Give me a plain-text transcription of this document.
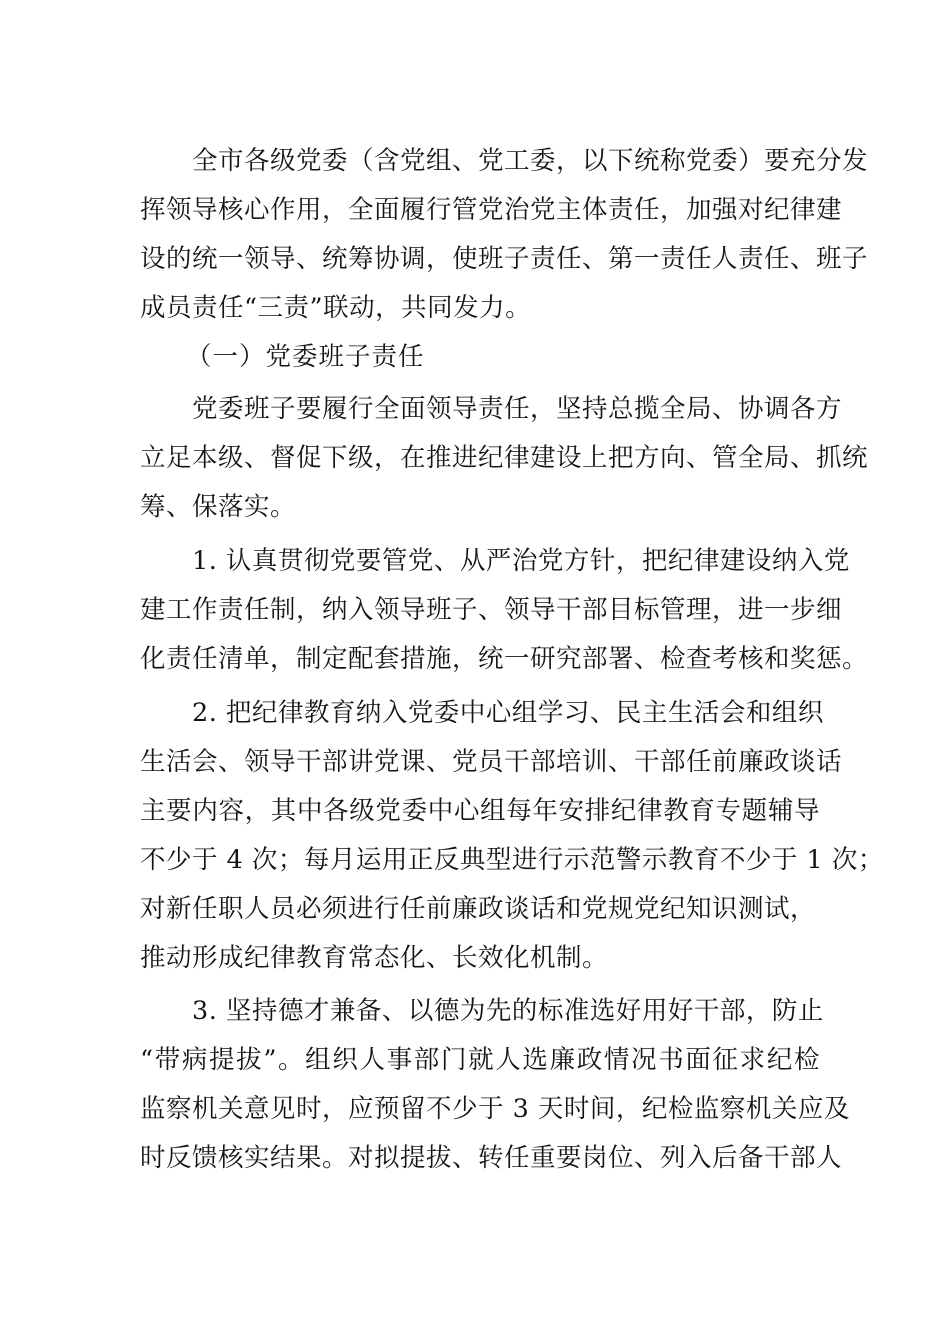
全市各级党委（含党组、党工委，以下统称党委）要充分发
挥领导核心作用，全面履行管党治党主体责任，加强对纪律建
设的统一领导、统筹协调，使班子责任、第一责任人责任、班子
成员责任“三责”联动，共同发力。
（一）党委班子责任
党委班子要履行全面领导责任，坚持总揽全局、协调各方
立足本级、督促下级，在推进纪律建设上把方向、管全局、抓统
筹、保落实。
1. 认真贯彻党要管党、从严治党方针，把纪律建设纳入党
建工作责任制，纳入领导班子、领导干部目标管理，进一步细
化责任清单，制定配套措施，统一研究部署、检查考核和奖惩。
2. 把纪律教育纳入党委中心组学习、民主生活会和组织
生活会、领导干部讲党课、党员干部培训、干部任前廉政谈话
主要内容，其中各级党委中心组每年安排纪律教育专题辅导
不少于 4 次；每月运用正反典型进行示范警示教育不少于 1 次；
对新任职人员必须进行任前廉政谈话和党规党纪知识测试，
推动形成纪律教育常态化、长效化机制。
3. 坚持德才兼备、以德为先的标准选好用好干部，防止
“带病提拔”。组织人事部门就人选廉政情况书面征求纪检
监察机关意见时，应预留不少于 3 天时间，纪检监察机关应及
时反馈核实结果。对拟提拔、转任重要岗位、列入后备干部人
